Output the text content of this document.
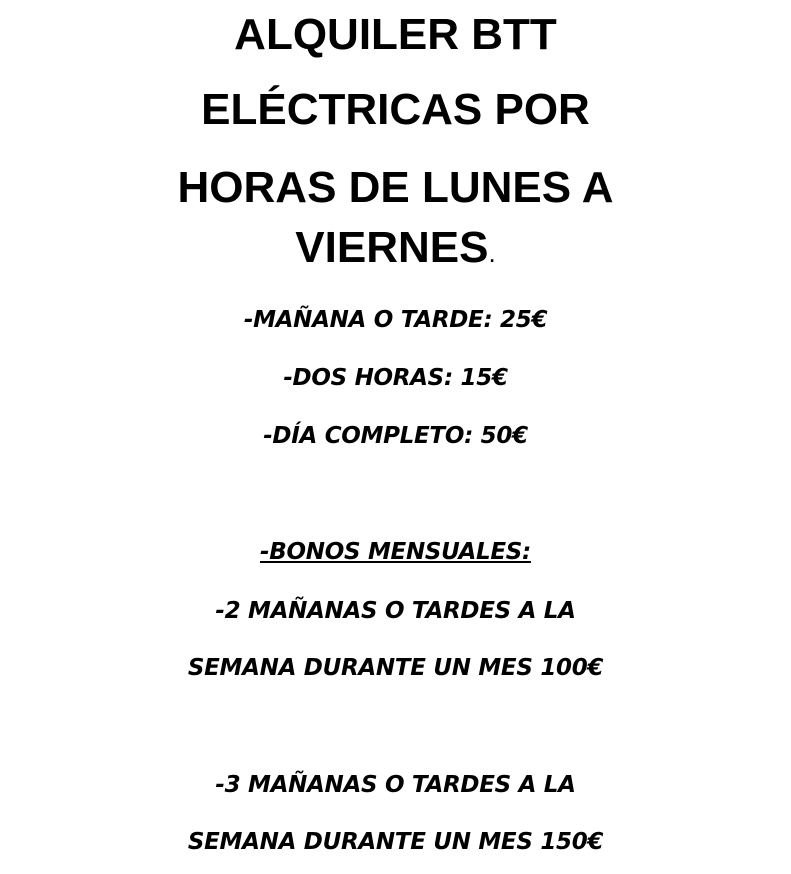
ALQUILER BTT
ELÉCTRICAS POR
HORAS DE LUNES A
VIERNES.
-MAÑANA O TARDE: 25€
-DOS HORAS: 15€
-DÍA COMPLETO: 50€
-BONOS MENSUALES:
-2 MAÑANAS O TARDES A LA
SEMANA DURANTE UN MES 100€
-3 MAÑANAS O TARDES A LA
SEMANA DURANTE UN MES 150€
